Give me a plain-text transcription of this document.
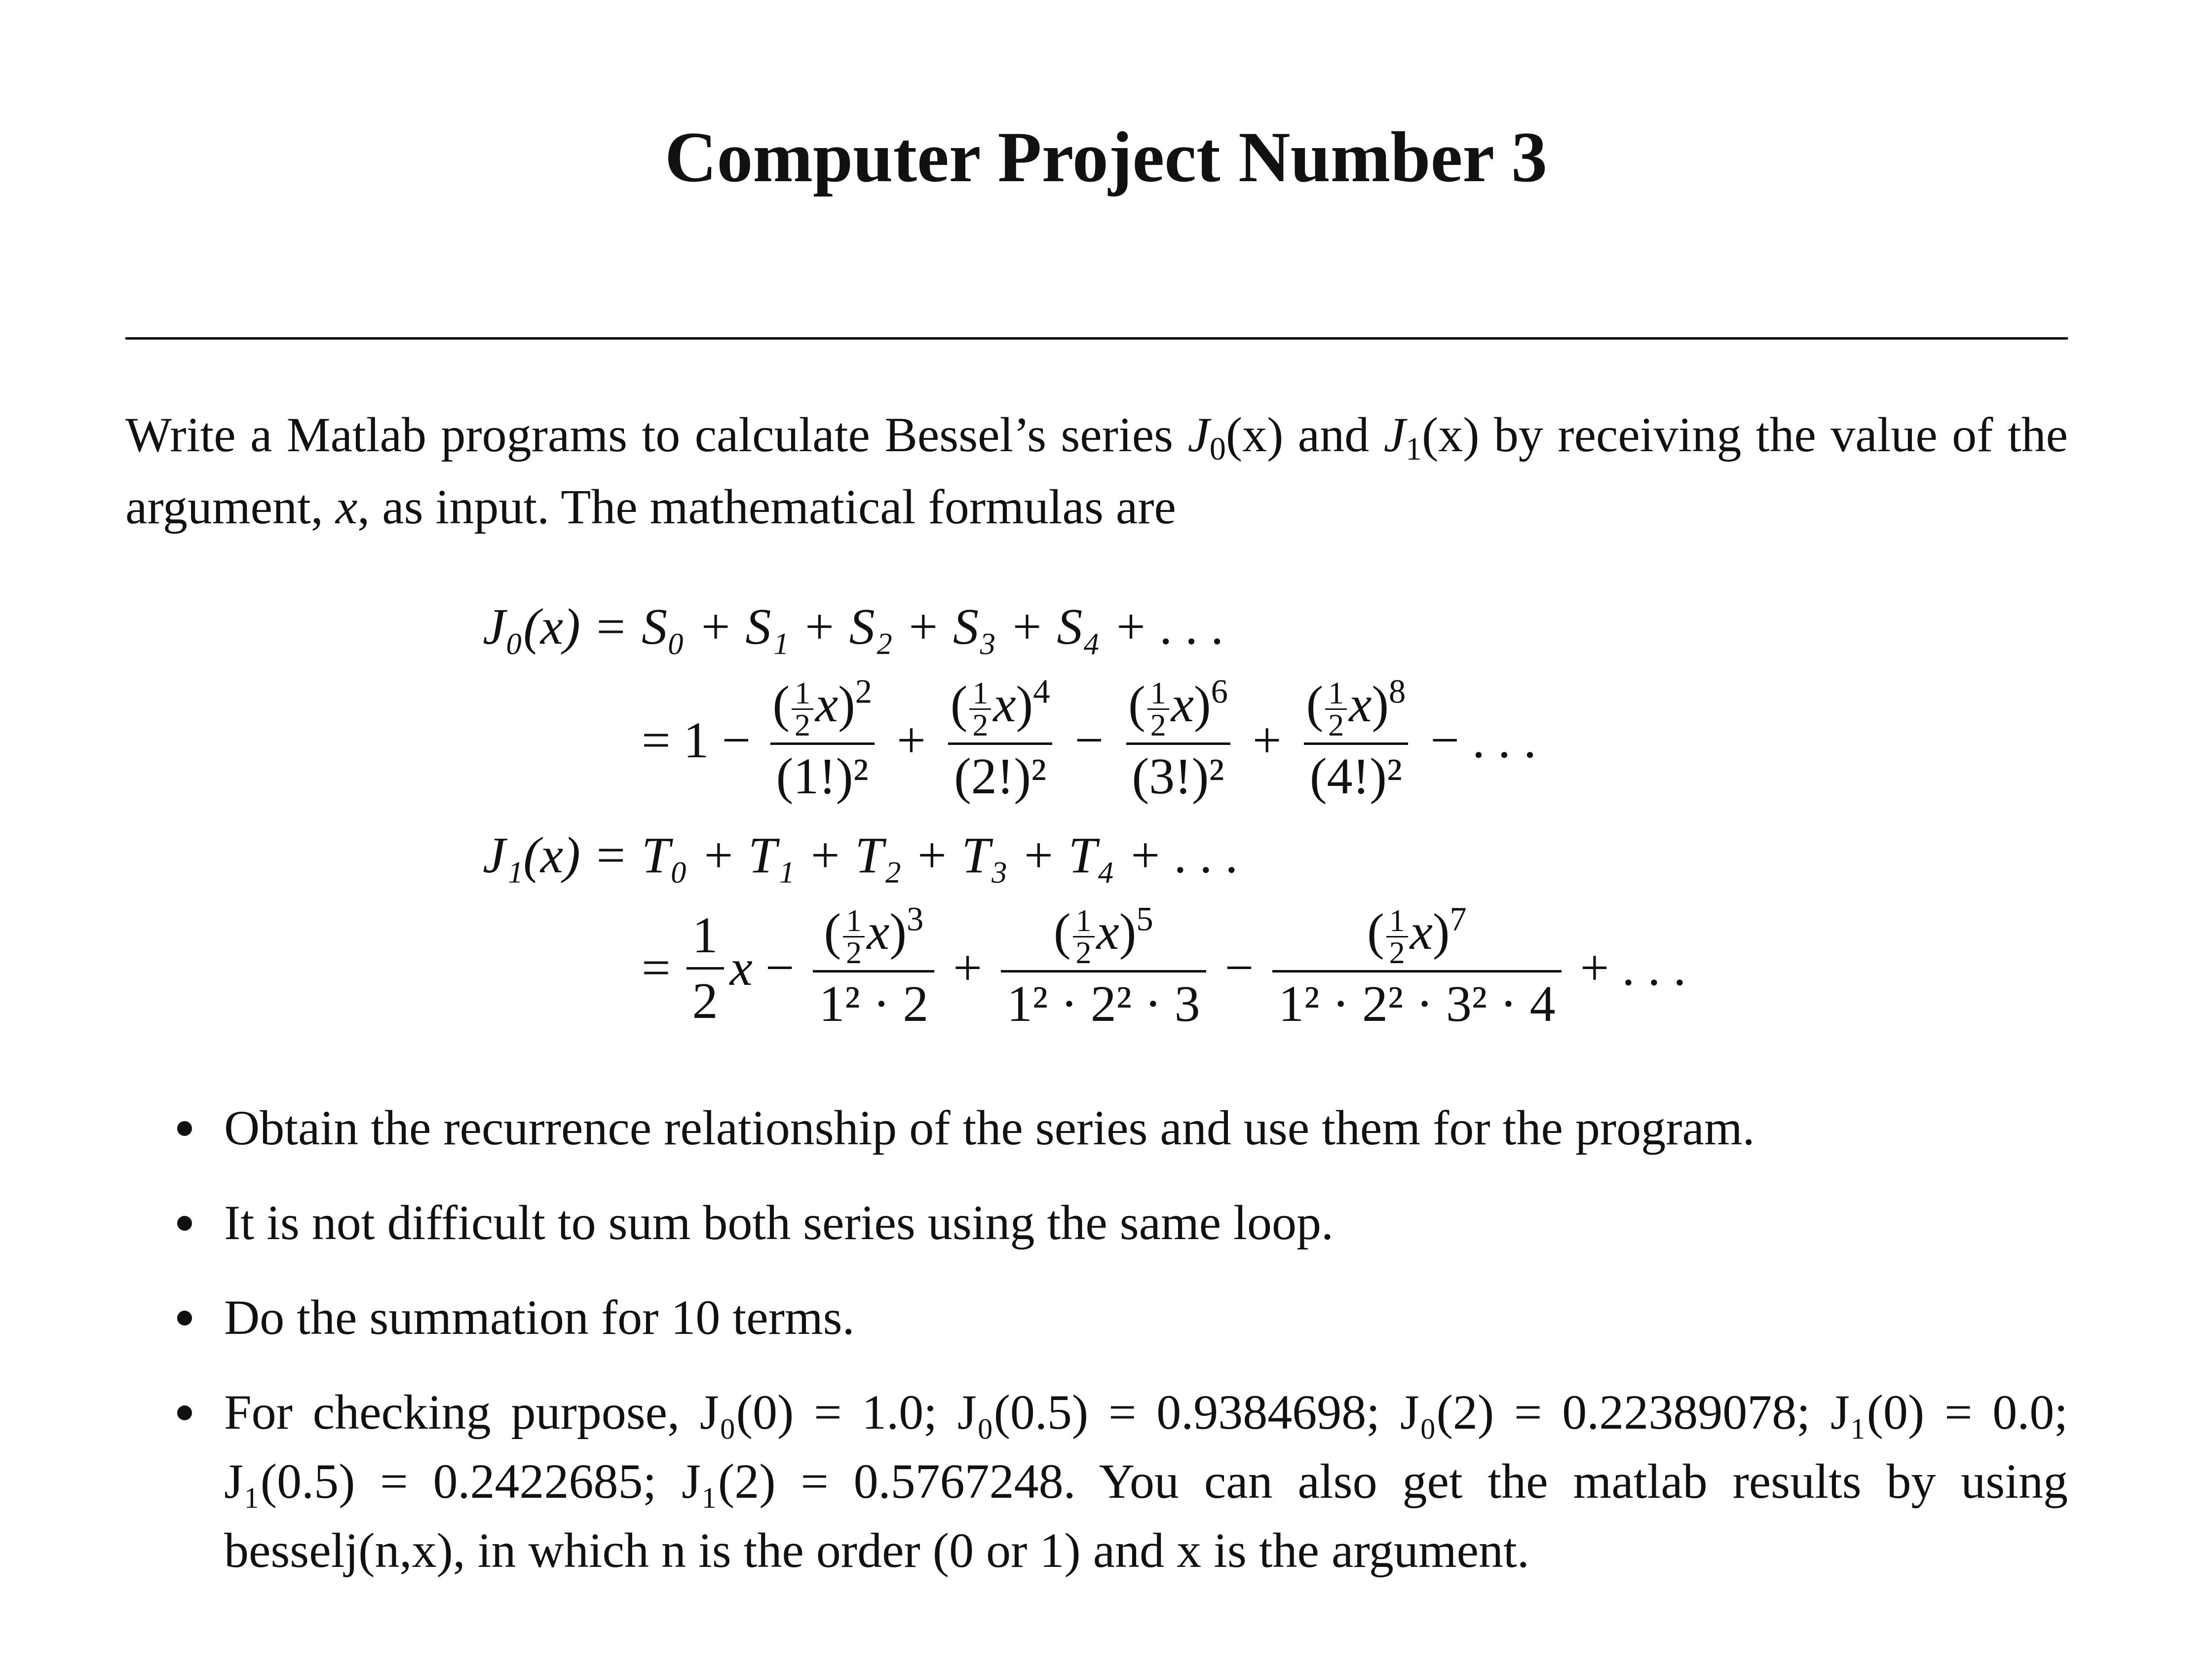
Computer Project Number 3
Write a Matlab programs to calculate Bessel’s series $J_0(x)$ and $J_1(x)$ by receiving the value of the argument, x, as input. The mathematical formulas are
J₀(x) = S₀ + S₁ + S₂ + S₃ + S₄ + . . .
= $1 - \frac{( \frac{1}{2} x)^2}{\text{(1!)²}} + \frac{( \frac{1}{2} x)^4}{\text{(2!)²}} - \frac{( \frac{1}{2} x)^6}{\text{(3!)²}} + \frac{( \frac{1}{2} x)^8}{\text{(4!)²}}$ − . . .
J₁(x) = T₀ + T₁ + T₂ + T₃ + T₄ + . . .
= $\frac{1}{2}$ $x - \frac{( \frac{1}{2} x)^3}{\text{1² · 2}} + \frac{( \frac{1}{2} x)^5}{\text{1² · 2² · 3}} - \frac{( \frac{1}{2} x)^7}{\text{1² · 2² · 3² · 4}}$ + . . .
Obtain the recurrence relationship of the series and use them for the program.
It is not difficult to sum both series using the same loop.
Do the summation for 10 terms.
For checking purpose, J₀(0) = 1.0; J₀(0.5) = 0.9384698; J₀(2) = 0.22389078; J₁(0) = 0.0; J₁(0.5) = 0.2422685; J₁(2) = 0.5767248. You can also get the matlab results by using besselj(n,x), in which n is the order (0 or 1) and x is the argument.
